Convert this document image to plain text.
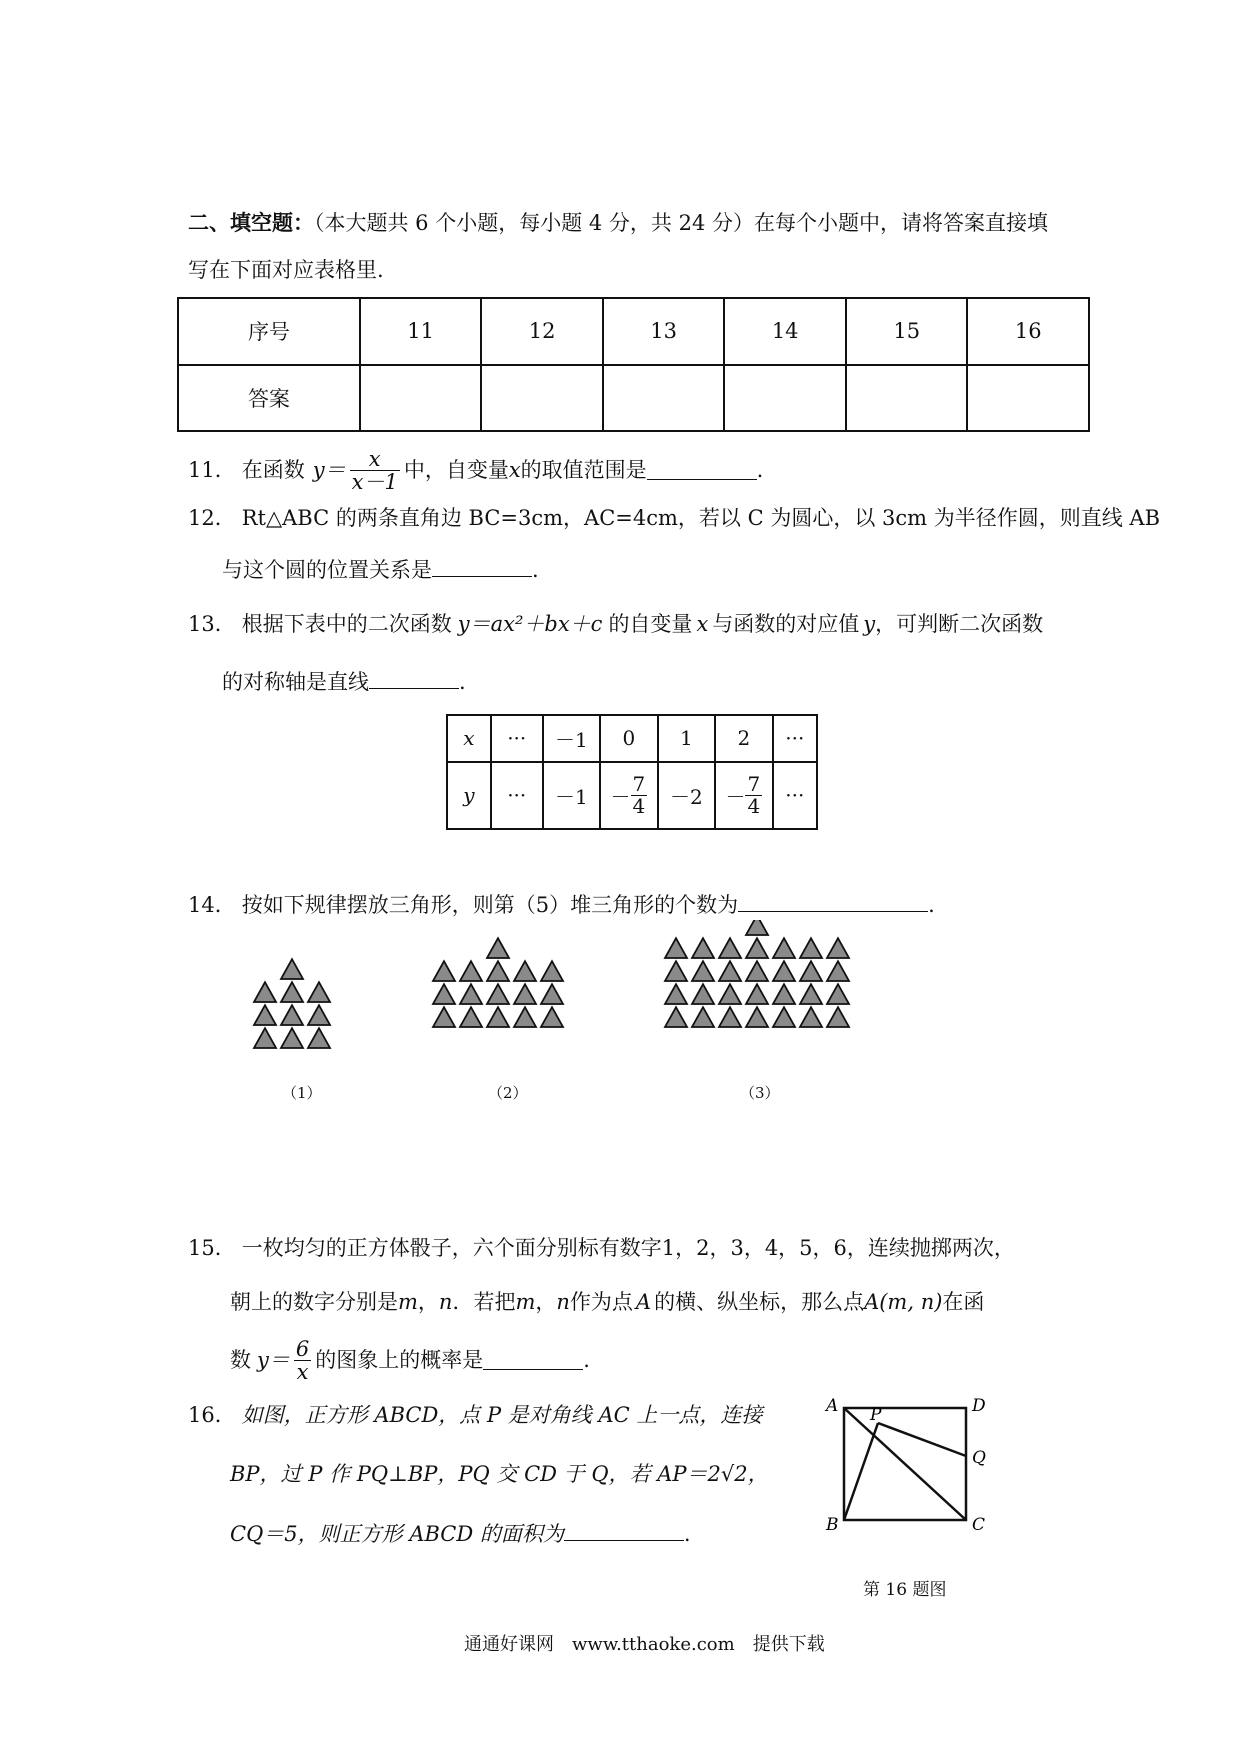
二、填空题：（本大题共 6 个小题，每小题 4 分，共 24 分）在每个小题中，请将答案直接填
写在下面对应表格里.
序号	11	12	13	14	15	16
答案						
11． 在函数 $y= \frac{x}{x-1}$ 中，自变量 x 的取值范围是	.
12． Rt△ABC 的两条直角边 BC=3cm，AC=4cm，若以 C 为圆心，以 3cm 为半径作圆，则直线 AB
与这个圆的位置关系是	.
13． 根据下表中的二次函数 y＝ax²＋bx＋c 的自变量 x 与函数的对应值 y，可判断二次函数
的对称轴是直线	.
x	···	－1	0	1	2	···
y	···	－1	－ $\frac{7}{4}$	－2	－ $\frac{7}{4}$	···
14． 按如下规律摆放三角形，则第（5）堆三角形的个数为	.
（1）	（2）	（3）
15． 一枚均匀的正方体骰子，六个面分别标有数字1，2，3，4，5，6，连续抛掷两次，
朝上的数字分别是m，n．若把m，n作为点 A 的横、纵坐标，那么点A(m, n)在函
数 $y= \frac{6}{x}$ 的图象上的概率是	.
16． 如图，正方形 ABCD，点 P 是对角线 AC 上一点，连接
BP，过 P 作 PQ⊥BP，PQ 交 CD 于 Q，若 AP＝2√2，
CQ＝5，则正方形 ABCD 的面积为	.
A	D
B	C
P
Q
第 16 题图
通通好课网　www.tthaoke.com　提供下载
